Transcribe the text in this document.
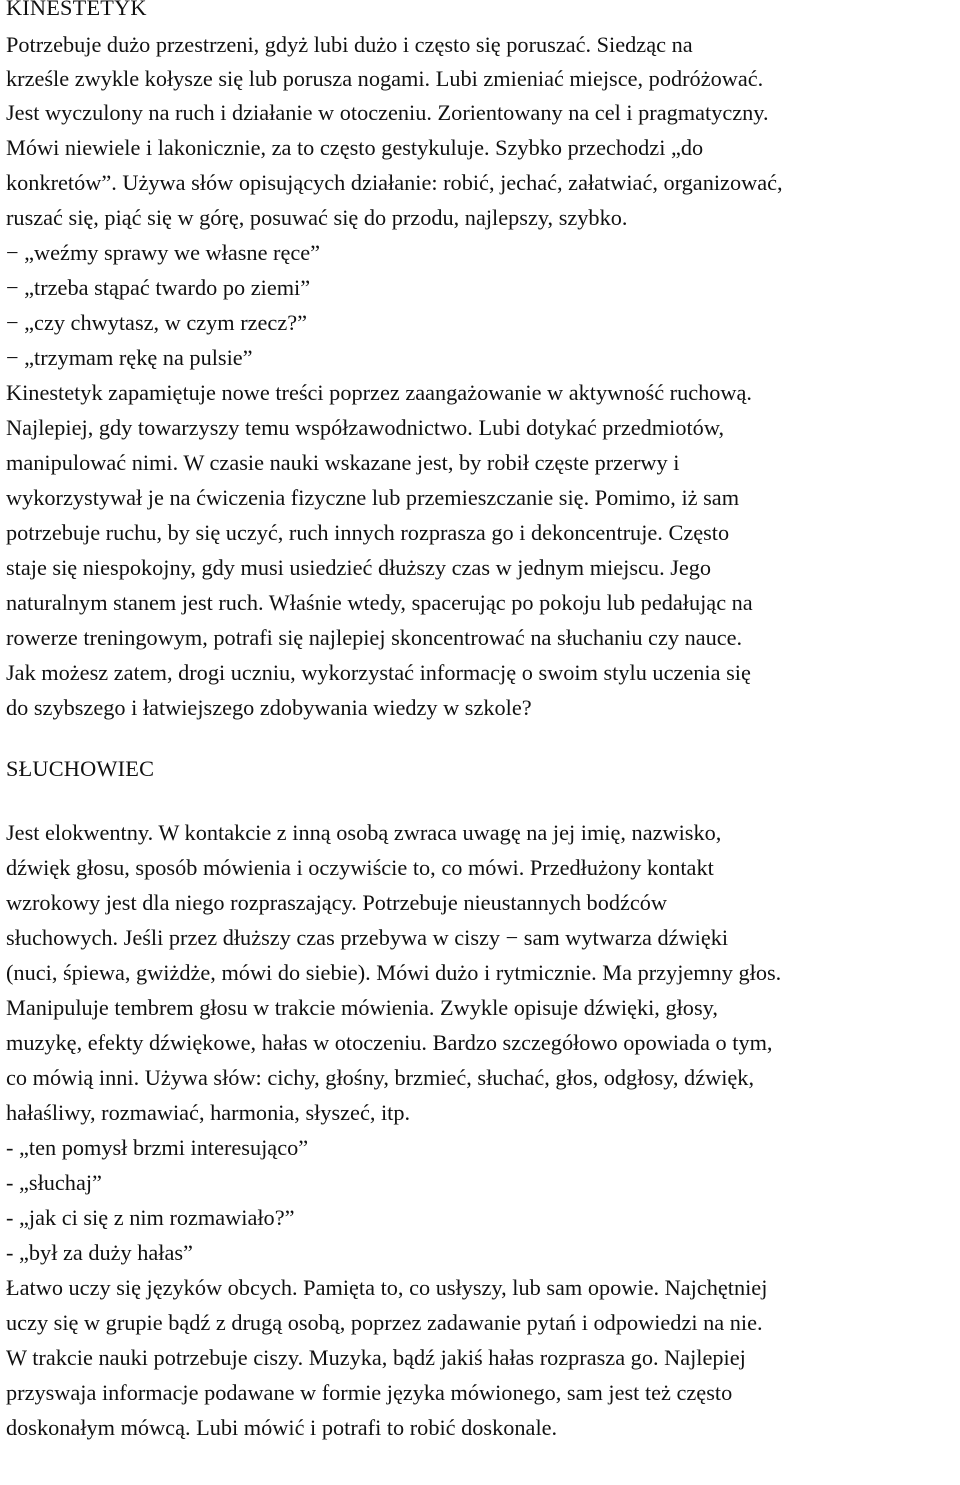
KINESTETYK
Potrzebuje dużo przestrzeni, gdyż lubi dużo i często się poruszać. Siedząc na
krześle zwykle kołysze się lub porusza nogami. Lubi zmieniać miejsce, podróżować.
Jest wyczulony na ruch i działanie w otoczeniu. Zorientowany na cel i pragmatyczny.
Mówi niewiele i lakonicznie, za to często gestykuluje. Szybko przechodzi „do
konkretów”. Używa słów opisujących działanie: robić, jechać, załatwiać, organizować,
ruszać się, piąć się w górę, posuwać się do przodu, najlepszy, szybko.
− „weźmy sprawy we własne ręce”
− „trzeba stąpać twardo po ziemi”
− „czy chwytasz, w czym rzecz?”
− „trzymam rękę na pulsie”
Kinestetyk zapamiętuje nowe treści poprzez zaangażowanie w aktywność ruchową.
Najlepiej, gdy towarzyszy temu współzawodnictwo. Lubi dotykać przedmiotów,
manipulować nimi. W czasie nauki wskazane jest, by robił częste przerwy i
wykorzystywał je na ćwiczenia fizyczne lub przemieszczanie się. Pomimo, iż sam
potrzebuje ruchu, by się uczyć, ruch innych rozprasza go i dekoncentruje. Często
staje się niespokojny, gdy musi usiedzieć dłuższy czas w jednym miejscu. Jego
naturalnym stanem jest ruch. Właśnie wtedy, spacerując po pokoju lub pedałując na
rowerze treningowym, potrafi się najlepiej skoncentrować na słuchaniu czy nauce.
Jak możesz zatem, drogi uczniu, wykorzystać informację o swoim stylu uczenia się
do szybszego i łatwiejszego zdobywania wiedzy w szkole?
SŁUCHOWIEC
Jest elokwentny. W kontakcie z inną osobą zwraca uwagę na jej imię, nazwisko,
dźwięk głosu, sposób mówienia i oczywiście to, co mówi. Przedłużony kontakt
wzrokowy jest dla niego rozpraszający. Potrzebuje nieustannych bodźców
słuchowych. Jeśli przez dłuższy czas przebywa w ciszy − sam wytwarza dźwięki
(nuci, śpiewa, gwiżdże, mówi do siebie). Mówi dużo i rytmicznie. Ma przyjemny głos.
Manipuluje tembrem głosu w trakcie mówienia. Zwykle opisuje dźwięki, głosy,
muzykę, efekty dźwiękowe, hałas w otoczeniu. Bardzo szczegółowo opowiada o tym,
co mówią inni. Używa słów: cichy, głośny, brzmieć, słuchać, głos, odgłosy, dźwięk,
hałaśliwy, rozmawiać, harmonia, słyszeć, itp.
- „ten pomysł brzmi interesująco”
- „słuchaj”
- „jak ci się z nim rozmawiało?”
- „był za duży hałas”
Łatwo uczy się języków obcych. Pamięta to, co usłyszy, lub sam opowie. Najchętniej
uczy się w grupie bądź z drugą osobą, poprzez zadawanie pytań i odpowiedzi na nie.
W trakcie nauki potrzebuje ciszy. Muzyka, bądź jakiś hałas rozprasza go. Najlepiej
przyswaja informacje podawane w formie języka mówionego, sam jest też często
doskonałym mówcą. Lubi mówić i potrafi to robić doskonale.
